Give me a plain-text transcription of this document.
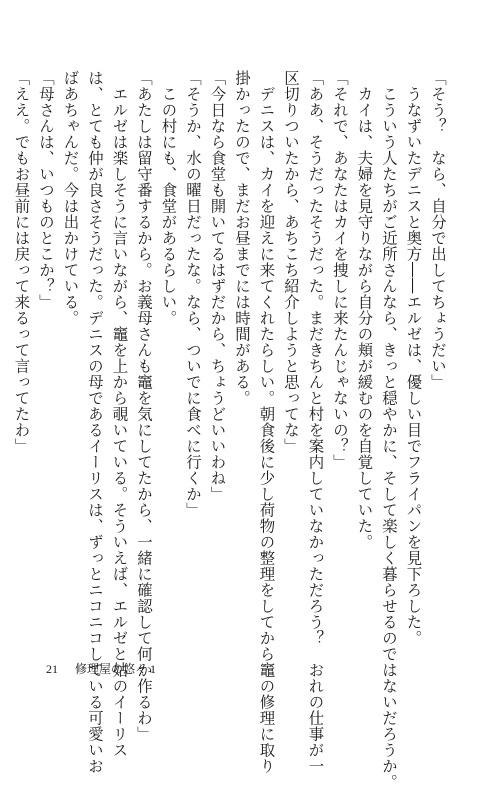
「そう？　なら、自分で出してちょうだい」
　うなずいたデニスと奥方――エルゼは、優しい目でフライパンを見下ろした。
　こういう人たちがご近所さんなら、きっと穏やかに、そして楽しく暮らせるのではないだろうか。
　カイは、夫婦を見守りながら自分の頬が緩むのを自覚していた。
「それで、あなたはカイを捜しに来たんじゃないの？」
「ああ、そうだったそうだった。まだきちんと村を案内していなかっただろう？　おれの仕事が一
区切りついたから、あちこち紹介しようと思ってな」
　デニスは、カイを迎えに来てくれたらしい。朝食後に少し荷物の整理をしてから竈の修理に取り
掛かったので、まだお昼までには時間がある。
「今日なら食堂も開いてるはずだから、ちょうどいいわね」
「そうか、水の曜日だったな。なら、ついでに食べに行くか」
　この村にも、食堂があるらしい。
「あたしは留守番するから。お義母さんも竈を気にしてたから、一緒に確認して何か作るわ」
　エルゼは楽しそうに言いながら、竈を上から覗いている。そういえば、エルゼと姑のイーリス
は、とても仲が良さそうだった。デニスの母であるイーリスは、ずっとニコニコしている可愛いお
ばあちゃんだ。今は出かけている。
「母さんは、いつものとこか？」
「ええ。でもお昼前には戻って来るって言ってたわ」
21 修理屋の悠々 1
